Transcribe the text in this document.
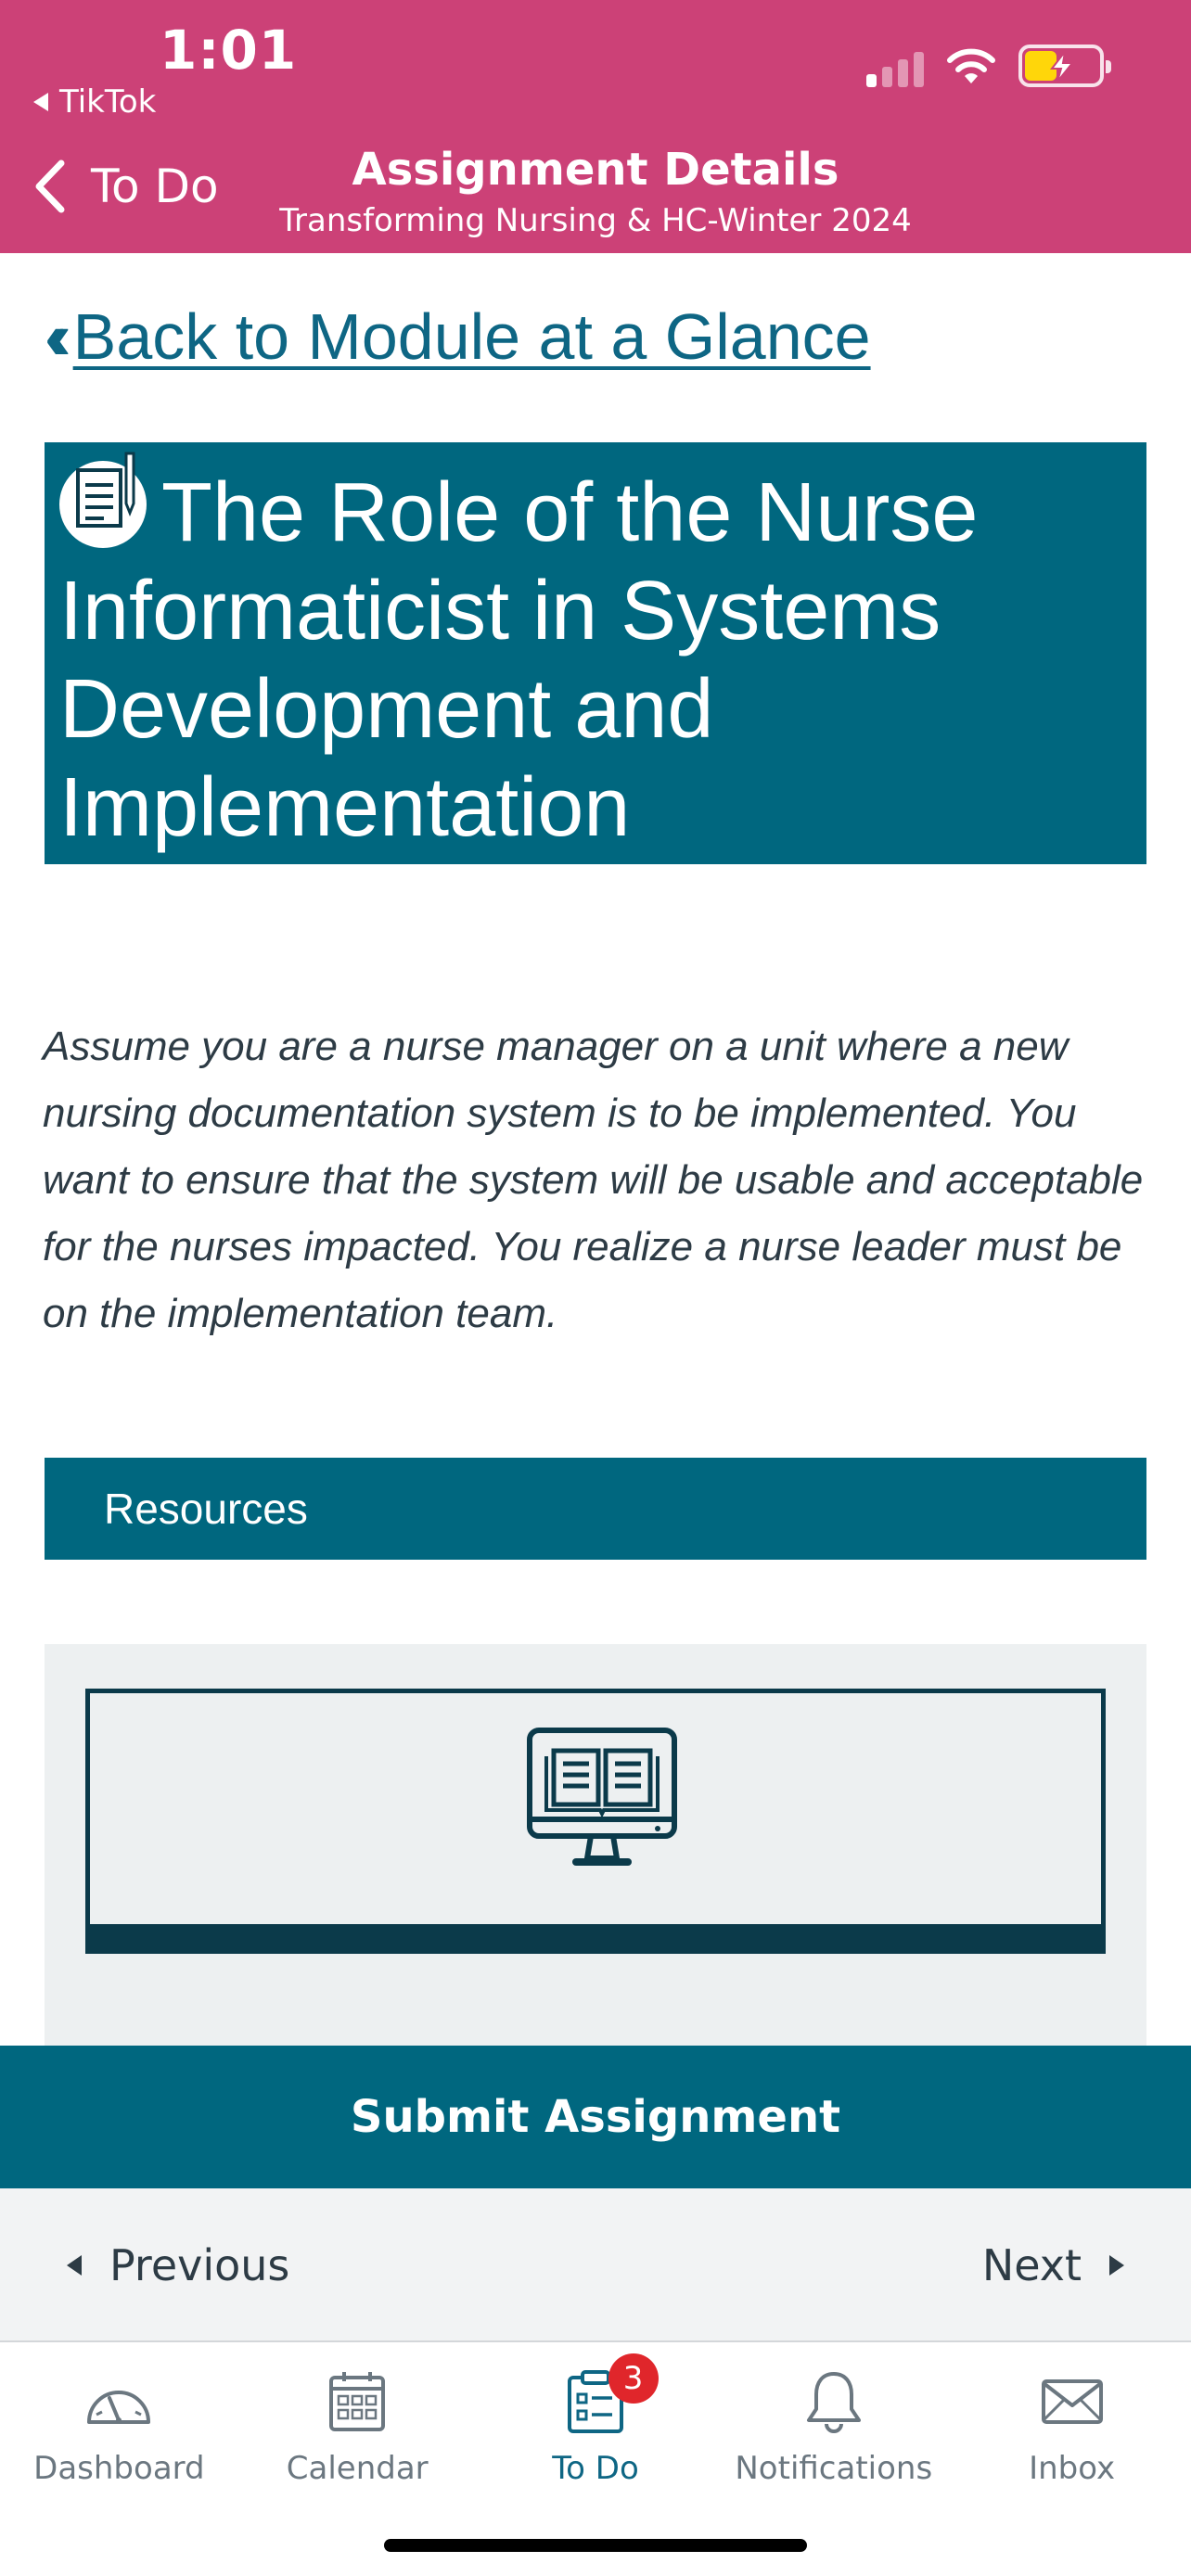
1:01
TikTok
To Do	Assignment Details
Transforming Nursing & HC-Winter 2024
‹‹ Back to Module at a Glance
The Role of the Nurse Informaticist in Systems Development and Implementation

Assume you are a nurse manager on a unit where a new nursing documentation system is to be implemented. You want to ensure that the system will be usable and acceptable for the nurses impacted. You realize a nurse leader must be on the implementation team.

Resources
Submit Assignment
Previous	Next
Dashboard	Calendar
3
To Do	Notifications	Inbox
